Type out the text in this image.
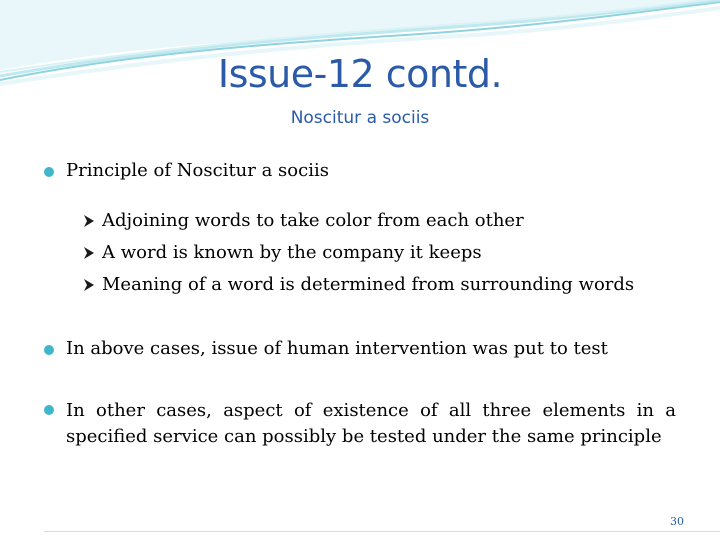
Issue-12 contd.
Noscitur a sociis
Principle of Noscitur a sociis
Adjoining words to take color from each other
A word is known by the company it keeps
Meaning of a word is determined from surrounding words
In above cases, issue of human intervention was put to test
In other cases, aspect of existence of all three elements in a
specified service can possibly be tested under the same principle
30
